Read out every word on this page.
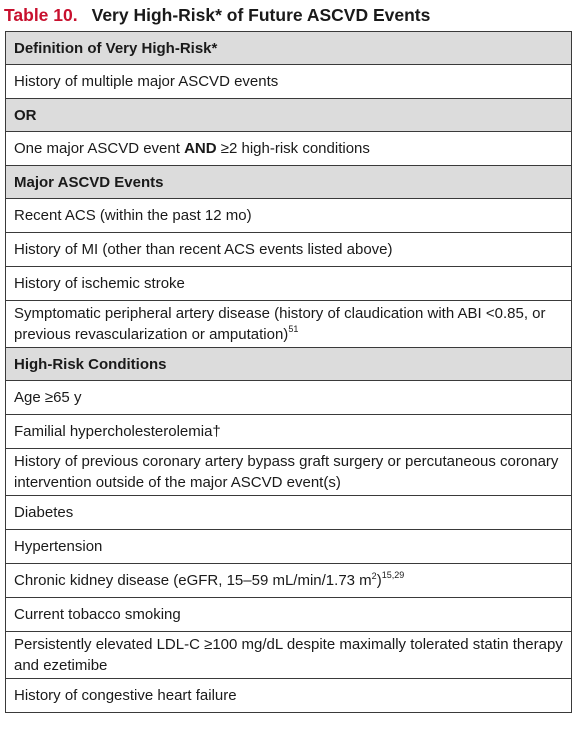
Table 10. Very High-Risk* of Future ASCVD Events
Definition of Very High-Risk*
History of multiple major ASCVD events
OR
One major ASCVD event AND ≥2 high-risk conditions
Major ASCVD Events
Recent ACS (within the past 12 mo)
History of MI (other than recent ACS events listed above)
History of ischemic stroke
Symptomatic peripheral artery disease (history of claudication with ABI <0.85, or previous revascularization or amputation)$^{51}$
High-Risk Conditions
Age ≥65 y
Familial hypercholesterolemia†
History of previous coronary artery bypass graft surgery or percutaneous coronary intervention outside of the major ASCVD event(s)
Diabetes
Hypertension
Chronic kidney disease (eGFR, 15–59 mL/min/1.73 $m^2)^{15,29}$
Current tobacco smoking
Persistently elevated LDL-C ≥100 mg/dL despite maximally tolerated statin therapy and ezetimibe
History of congestive heart failure
